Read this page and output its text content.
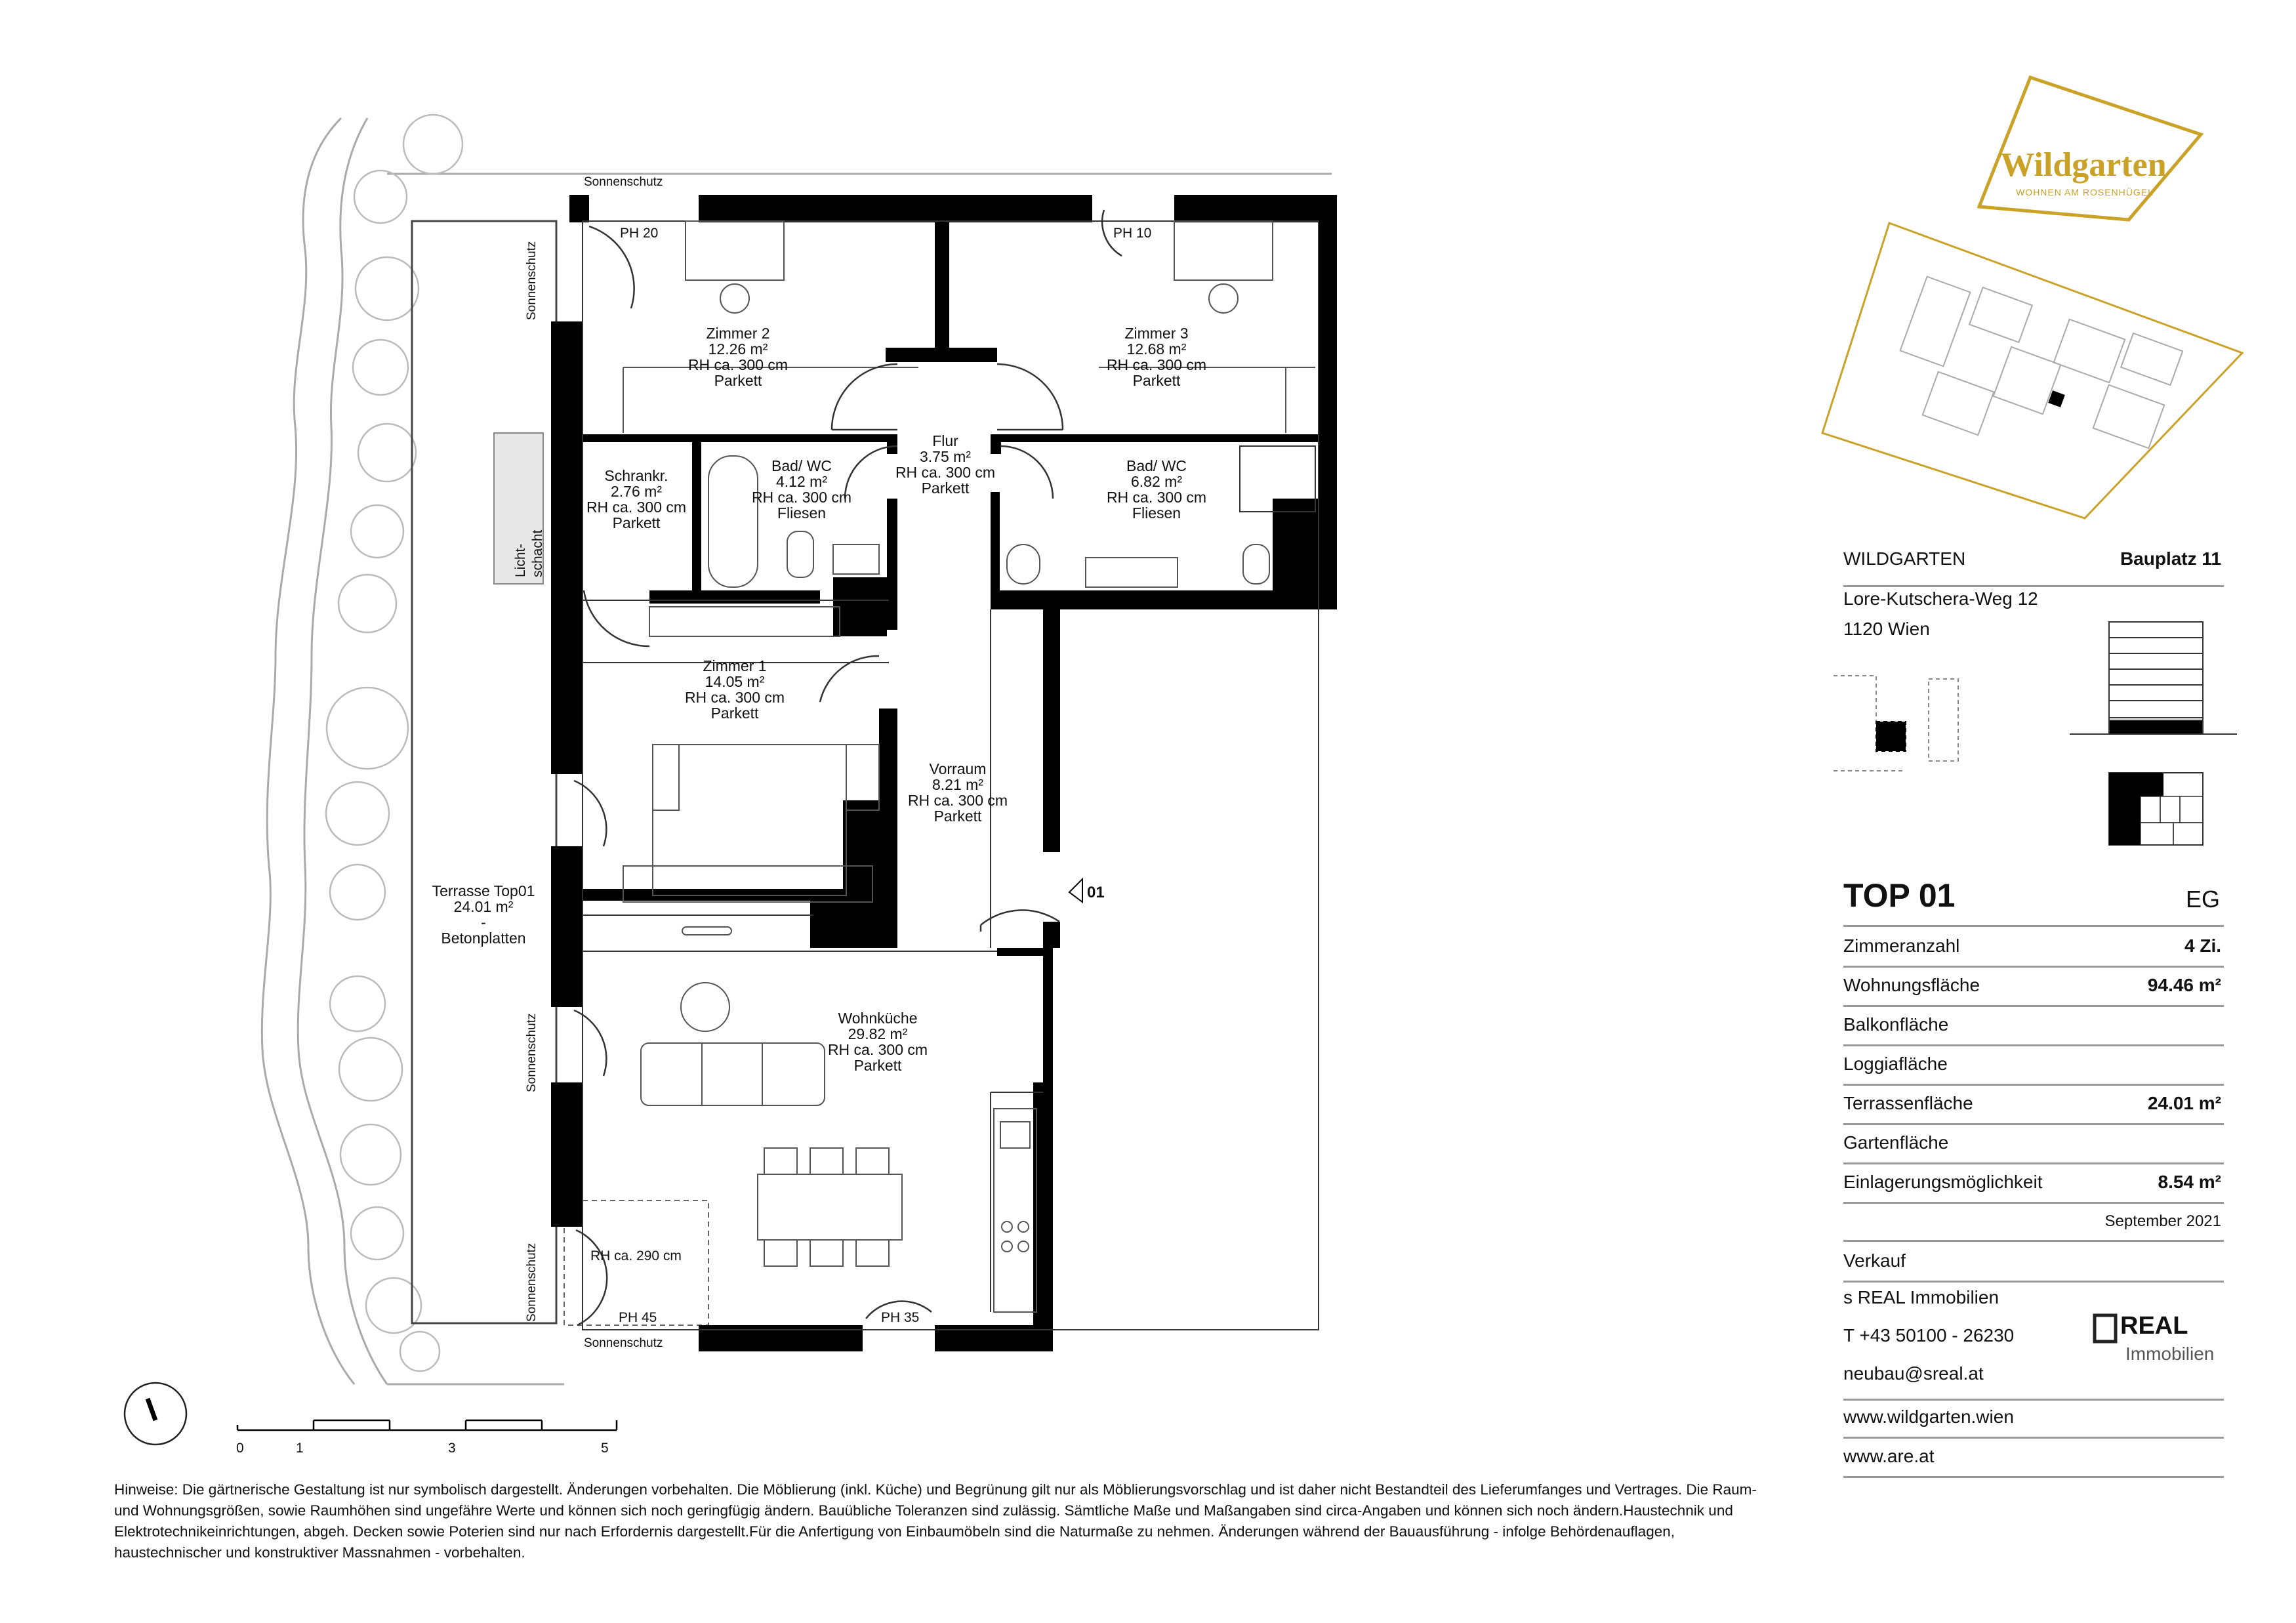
Zimmer 2
12.26 m²
RH ca. 300 cm
Parkett
Zimmer 3
12.68 m²
RH ca. 300 cm
Parkett
Flur
3.75 m²
RH ca. 300 cm
Parkett
Schrankr.
2.76 m²
RH ca. 300 cm
Parkett
Bad/ WC
4.12 m²
RH ca. 300 cm
Fliesen
Bad/ WC
6.82 m²
RH ca. 300 cm
Fliesen
Zimmer 1
14.05 m²
RH ca. 300 cm
Parkett
Vorraum
8.21 m²
RH ca. 300 cm
Parkett
Wohnküche
29.82 m²
RH ca. 300 cm
Parkett
Terrasse Top01
24.01 m²
-
Betonplatten
PH 20	PH 10
PH 45	PH 35
RH ca. 290 cm
01
Sonnenschutz
Sonnenschutz
Sonnenschutz
Sonnenschutz
Sonnenschutz
Licht- schacht
0	1	3	5
Wildgarten
WOHNEN AM ROSENHÜGEL
WILDGARTEN	Bauplatz 11
Lore-Kutschera-Weg 12
1120 Wien
TOP 01	EG
Zimmeranzahl	4 Zi.
Wohnungsfläche	94.46 m²
Balkonfläche
Loggiafläche
Terrassenfläche	24.01 m²
Gartenfläche
Einlagerungsmöglichkeit	8.54 m²
September 2021
Verkauf
s REAL Immobilien
T +43 50100 - 26230
neubau@sreal.at
www.wildgarten.wien
www.are.at
REAL
Immobilien
Hinweise: Die gärtnerische Gestaltung ist nur symbolisch dargestellt. Änderungen vorbehalten. Die Möblierung (inkl. Küche) und Begrünung gilt nur als Möblierungsvorschlag und ist daher nicht Bestandteil des Lieferumfanges und Vertrages. Die Raum- und Wohnungsgrößen, sowie Raumhöhen sind ungefähre Werte und können sich noch geringfügig ändern. Bauübliche Toleranzen sind zulässig. Sämtliche Maße und Maßangaben sind circa-Angaben und können sich noch ändern.Haustechnik und Elektrotechnikeinrichtungen, abgeh. Decken sowie Poterien sind nur nach Erfordernis dargestellt.Für die Anfertigung von Einbaumöbeln sind die Naturmaße zu nehmen. Änderungen während der Bauausführung - infolge Behördenauflagen, haustechnischer und konstruktiver Massnahmen - vorbehalten.
